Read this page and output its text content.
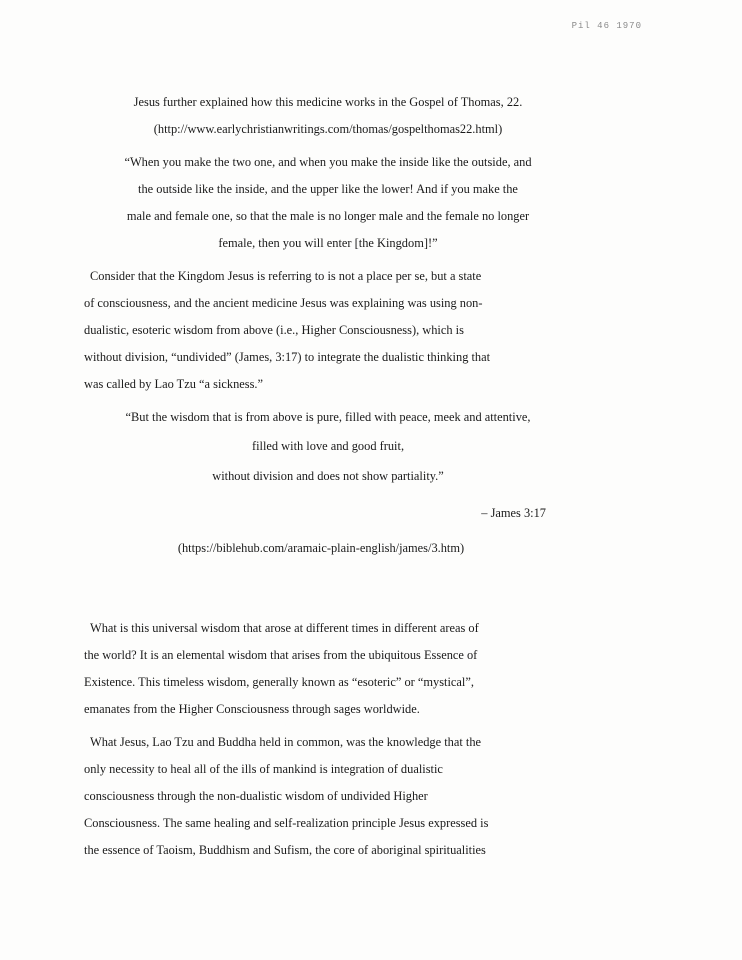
Pil 46 1970
Jesus further explained how this medicine works in the Gospel of Thomas, 22.
(http://www.earlychristianwritings.com/thomas/gospelthomas22.html)
“When you make the two one, and when you make the inside like the outside, and
the outside like the inside, and the upper like the lower! And if you make the
male and female one, so that the male is no longer male and the female no longer
female, then you will enter [the Kingdom]!”
Consider that the Kingdom Jesus is referring to is not a place per se, but a state
of consciousness, and the ancient medicine Jesus was explaining was using non-
dualistic, esoteric wisdom from above (i.e., Higher Consciousness), which is
without division, “undivided” (James, 3:17) to integrate the dualistic thinking that
was called by Lao Tzu “a sickness.”
“But the wisdom that is from above is pure, filled with peace, meek and attentive,
filled with love and good fruit,
without division and does not show partiality.”
– James 3:17
(https://biblehub.com/aramaic-plain-english/james/3.htm)
What is this universal wisdom that arose at different times in different areas of
the world? It is an elemental wisdom that arises from the ubiquitous Essence of
Existence. This timeless wisdom, generally known as “esoteric” or “mystical”,
emanates from the Higher Consciousness through sages worldwide.
What Jesus, Lao Tzu and Buddha held in common, was the knowledge that the
only necessity to heal all of the ills of mankind is integration of dualistic
consciousness through the non-dualistic wisdom of undivided Higher
Consciousness. The same healing and self-realization principle Jesus expressed is
the essence of Taoism, Buddhism and Sufism, the core of aboriginal spiritualities
